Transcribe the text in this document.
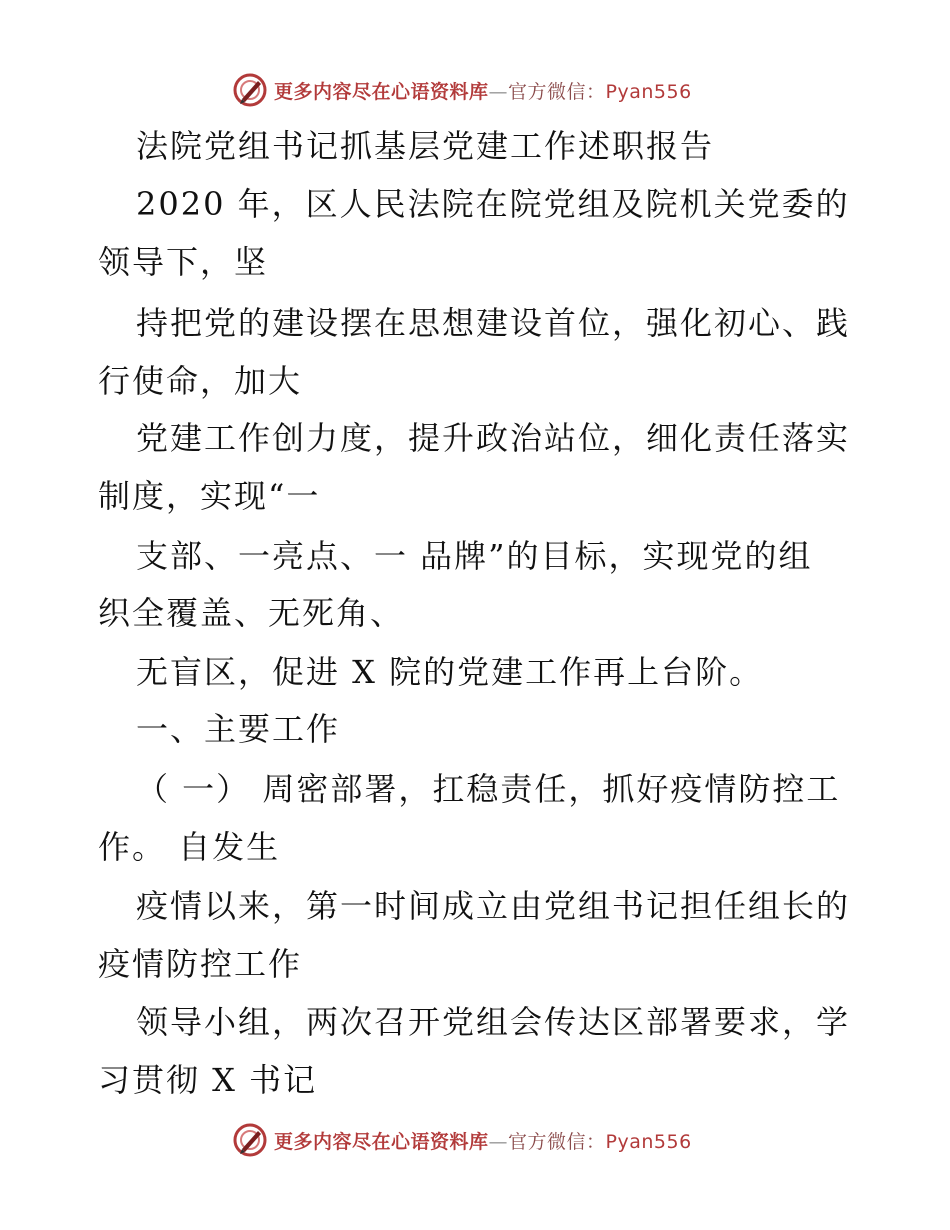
更多内容尽在心语资料库—官方微信：Pyan556
法院党组书记抓基层党建工作述职报告
2020 年，区人民法院在院党组及院机关党委的
领导下，坚
持把党的建设摆在思想建设首位，强化初心、践
行使命，加大
党建工作创力度，提升政治站位，细化责任落实
制度，实现“一
支部、一亮点、一 品牌”的目标，实现党的组
织全覆盖、无死角、
无盲区，促进 X 院的党建工作再上台阶。
一、主要工作
（ 一） 周密部署，扛稳责任，抓好疫情防控工
作。 自发生
疫情以来，第一时间成立由党组书记担任组长的
疫情防控工作
领导小组，两次召开党组会传达区部署要求，学
习贯彻 X 书记
更多内容尽在心语资料库—官方微信：Pyan556
